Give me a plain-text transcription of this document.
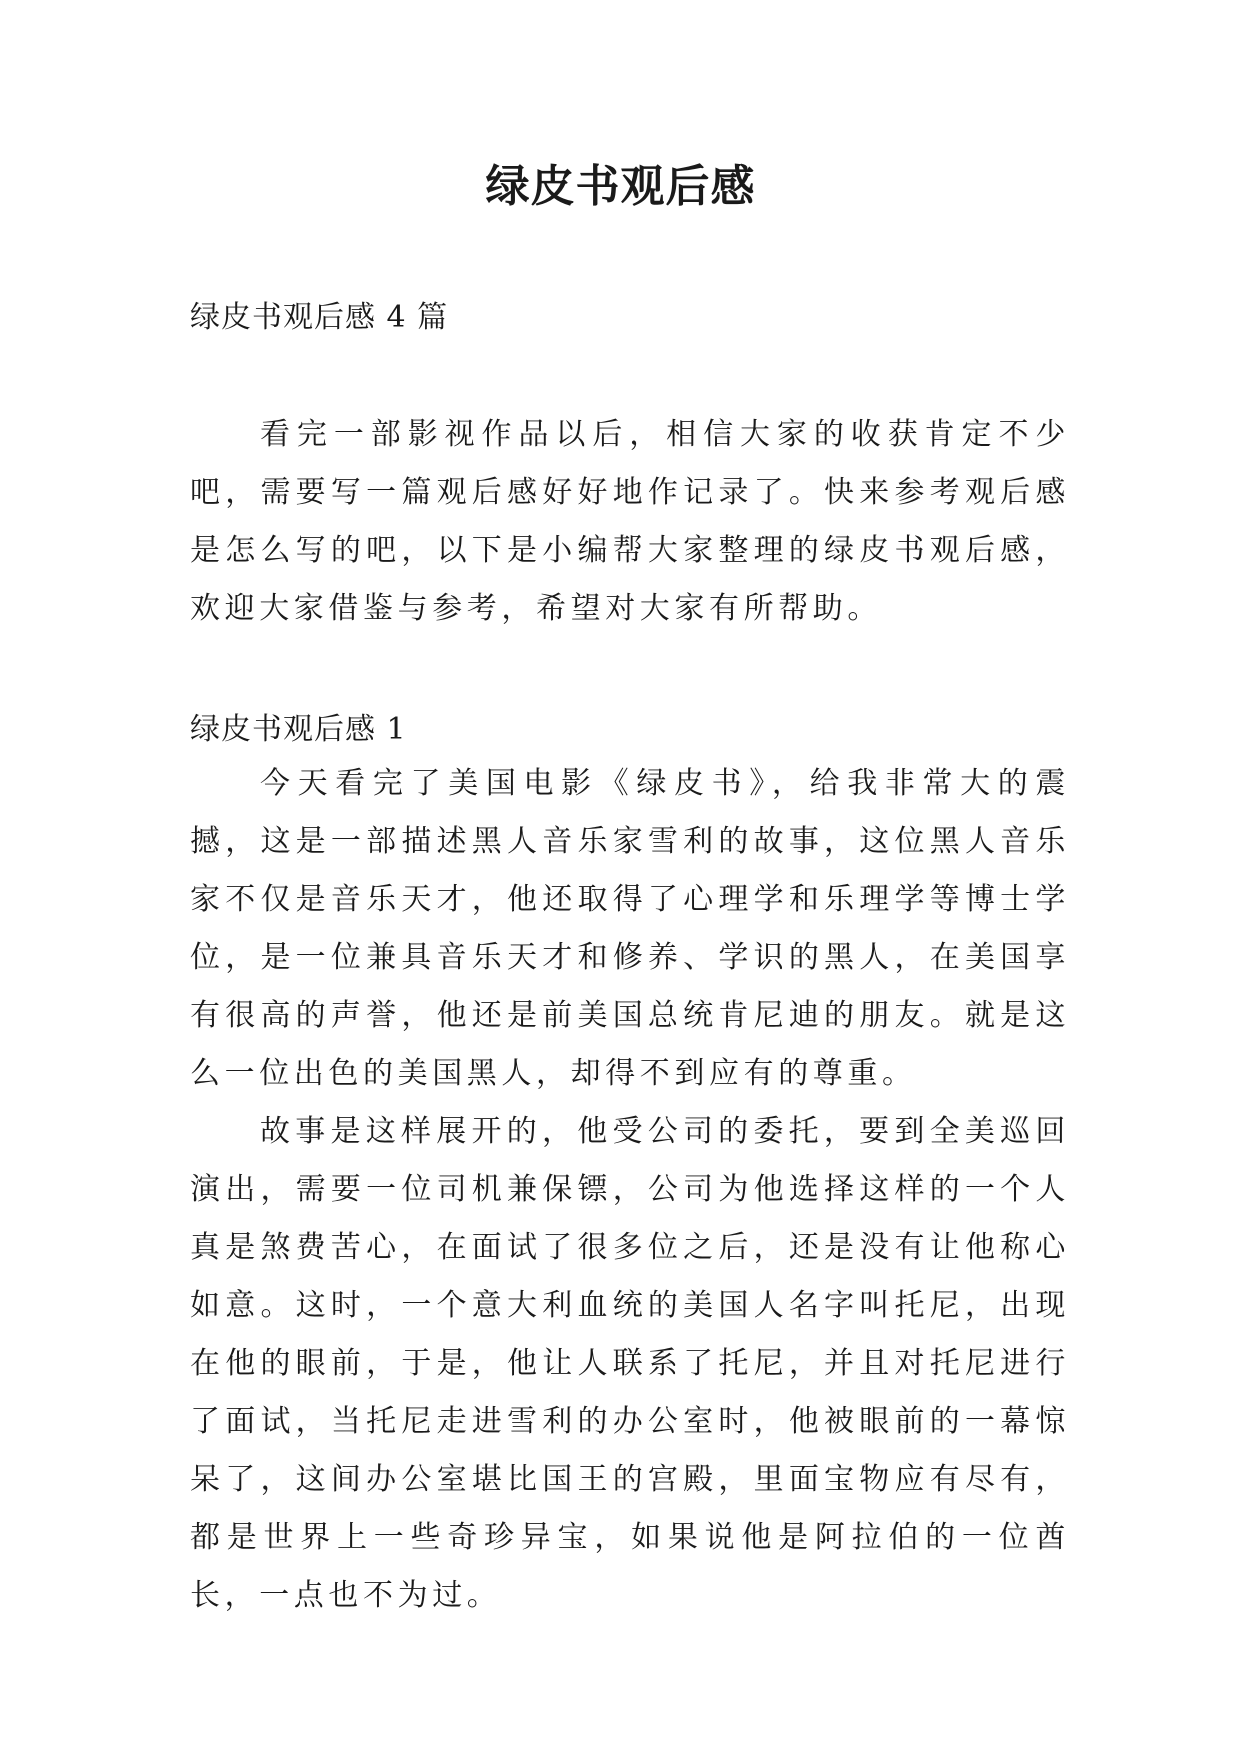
绿皮书观后感

绿皮书观后感 4 篇

看完一部影视作品以后，相信大家的收获肯定不少吧，需要写一篇观后感好好地作记录了。快来参考观后感是怎么写的吧，以下是小编帮大家整理的绿皮书观后感，欢迎大家借鉴与参考，希望对大家有所帮助。

绿皮书观后感 1

今天看完了美国电影《绿皮书》，给我非常大的震撼，这是一部描述黑人音乐家雪利的故事，这位黑人音乐家不仅是音乐天才，他还取得了心理学和乐理学等博士学位，是一位兼具音乐天才和修养、学识的黑人，在美国享有很高的声誉，他还是前美国总统肯尼迪的朋友。就是这么一位出色的美国黑人，却得不到应有的尊重。

故事是这样展开的，他受公司的委托，要到全美巡回演出，需要一位司机兼保镖，公司为他选择这样的一个人真是煞费苦心，在面试了很多位之后，还是没有让他称心如意。这时，一个意大利血统的美国人名字叫托尼，出现在他的眼前，于是，他让人联系了托尼，并且对托尼进行了面试，当托尼走进雪利的办公室时，他被眼前的一幕惊呆了，这间办公室堪比国王的宫殿，里面宝物应有尽有，都是世界上一些奇珍异宝，如果说他是阿拉伯的一位酋长，一点也不为过。
